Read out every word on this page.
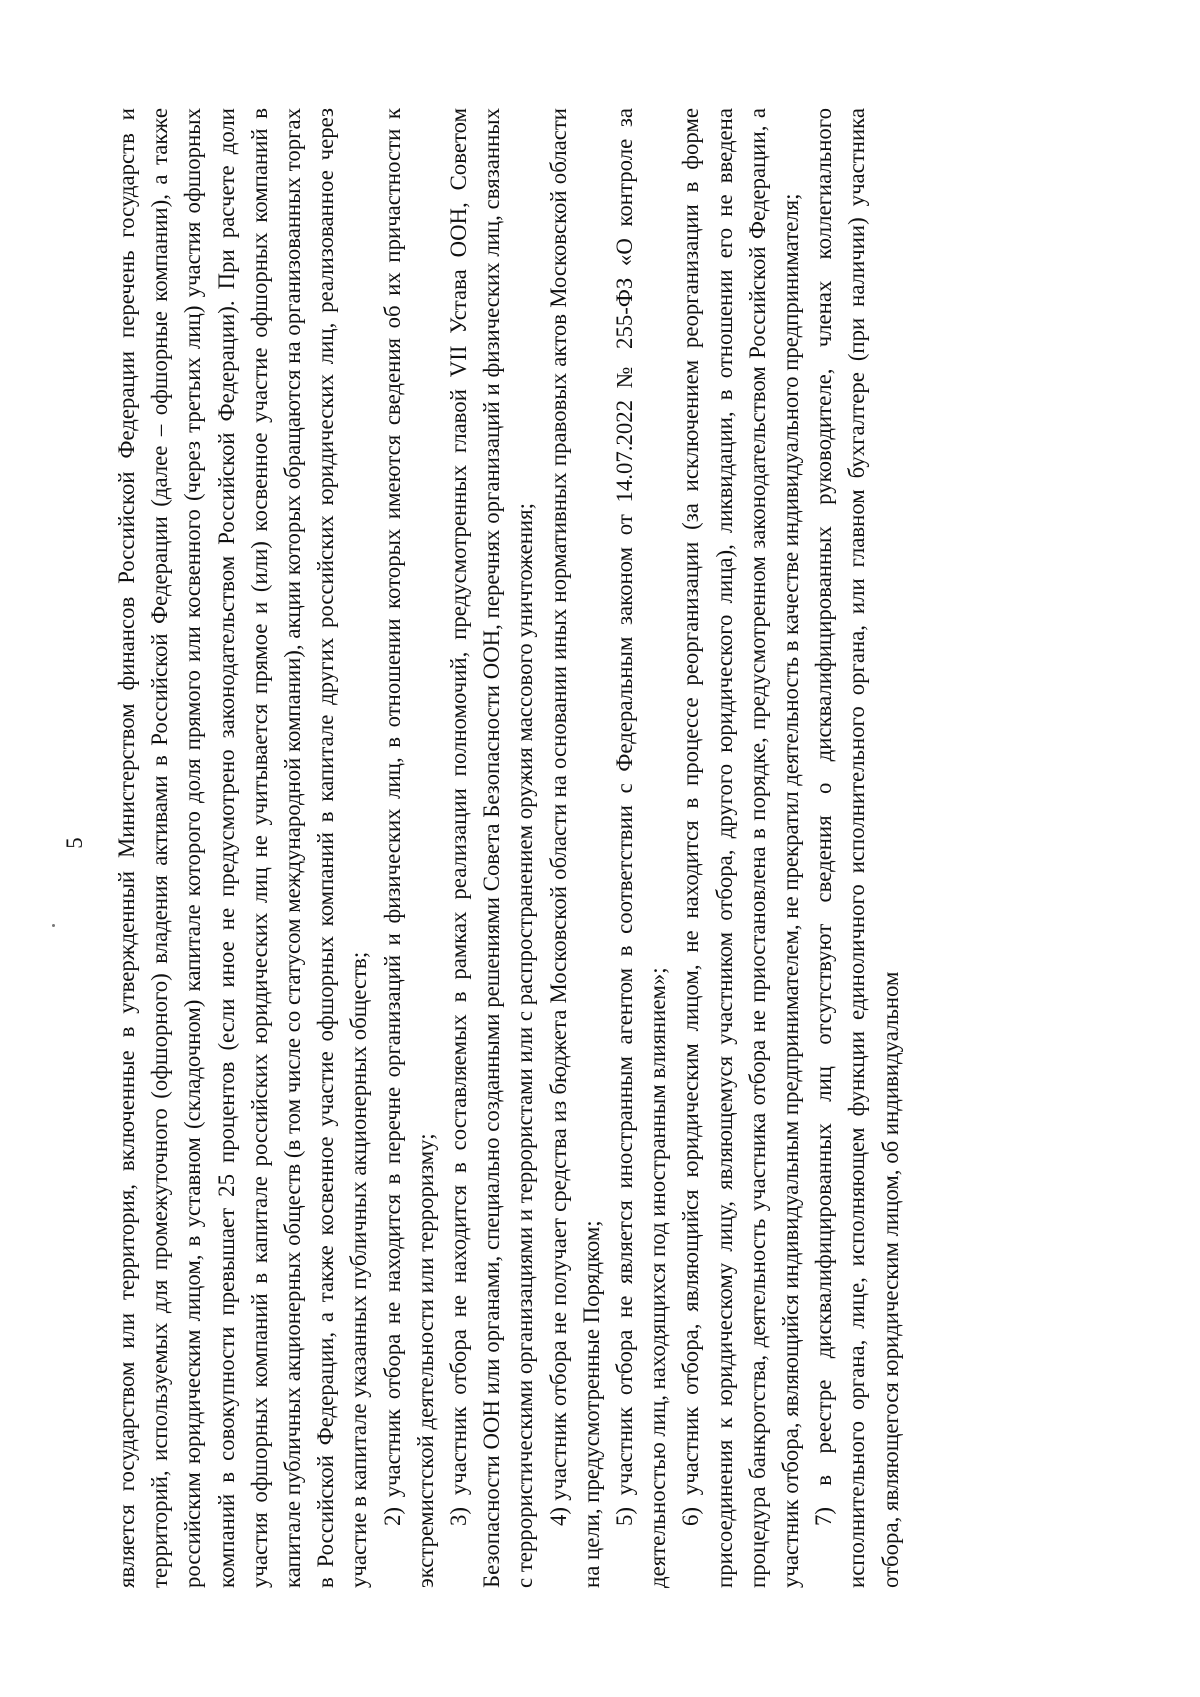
5 является государством или территория, включенные в утвержденный Министерством финансов Российской Федерации перечень государств и территорий, используемых для промежуточного (офшорного) владения активами в Российской Федерации (далее – офшорные компании), а также российским юридическим лицом, в уставном (складочном) капитале которого доля прямого или косвенного (через третьих лиц) участия офшорных компаний в совокупности превышает 25 процентов (если иное не предусмотрено законодательством Российской Федерации). При расчете доли участия офшорных компаний в капитале российских юридических лиц не учитывается прямое и (или) косвенное участие офшорных компаний в капитале публичных акционерных обществ (в том числе со статусом международной компании), акции которых обращаются на организованных торгах в Российской Федерации, а также косвенное участие офшорных компаний в капитале других российских юридических лиц, реализованное через участие в капитале указанных публичных акционерных обществ; 2) участник отбора не находится в перечне организаций и физических лиц, в отношении которых имеются сведения об их причастности к экстремистской деятельности или терроризму; 3) участник отбора не находится в составляемых в рамках реализации полномочий, предусмотренных главой VII Устава ООН, Советом Безопасности ООН или органами, специально созданными решениями Совета Безопасности ООН, перечнях организаций и физических лиц, связанных с террористическими организациями и террористами или с распространением оружия массового уничтожения; 4) участник отбора не получает средства из бюджета Московской области на основании иных нормативных правовых актов Московской области на цели, предусмотренные Порядком; 5) участник отбора не является иностранным агентом в соответствии с Федеральным законом от 14.07.2022 № 255-ФЗ «О контроле за деятельностью лиц, находящихся под иностранным влиянием»; 6) участник отбора, являющийся юридическим лицом, не находится в процессе реорганизации (за исключением реорганизации в форме присоединения к юридическому лицу, являющемуся участником отбора, другого юридического лица), ликвидации, в отношении его не введена процедура банкротства, деятельность участника отбора не приостановлена в порядке, предусмотренном законодательством Российской Федерации, а участник отбора, являющийся индивидуальным предпринимателем, не прекратил деятельность в качестве индивидуального предпринимателя; 7) в реестре дисквалифицированных лиц отсутствуют сведения о дисквалифицированных руководителе, членах коллегиального исполнительного органа, лице, исполняющем функции единоличного исполнительного органа, или главном бухгалтере (при наличии) участника отбора, являющегося юридическим лицом, об индивидуальном
